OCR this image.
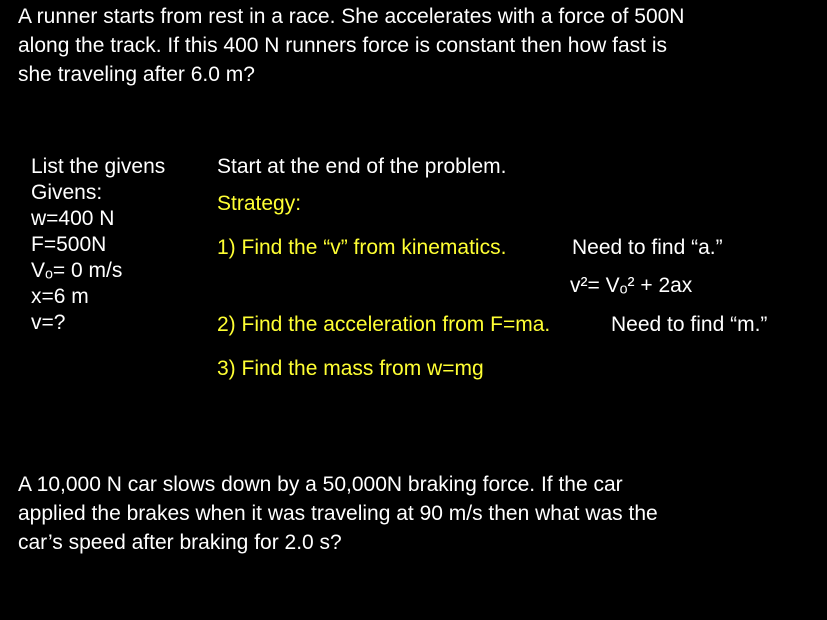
A runner starts from rest in a race. She accelerates with a force of 500N
along the track. If this 400 N runners force is constant then how fast is
she traveling after 6.0 m?
List the givens
Givens:
w=400 N
F=500N
Vₒ= 0 m/s
x=6 m
v=?
Start at the end of the problem.
Strategy:
1) Find the “v” from kinematics.	Need to find “a.”
v²= Vₒ² + 2ax
2) Find the acceleration from F=ma.	Need to find “m.”
3) Find the mass from w=mg
A 10,000 N car slows down by a 50,000N braking force. If the car
applied the brakes when it was traveling at 90 m/s then what was the
car’s speed after braking for 2.0 s?
